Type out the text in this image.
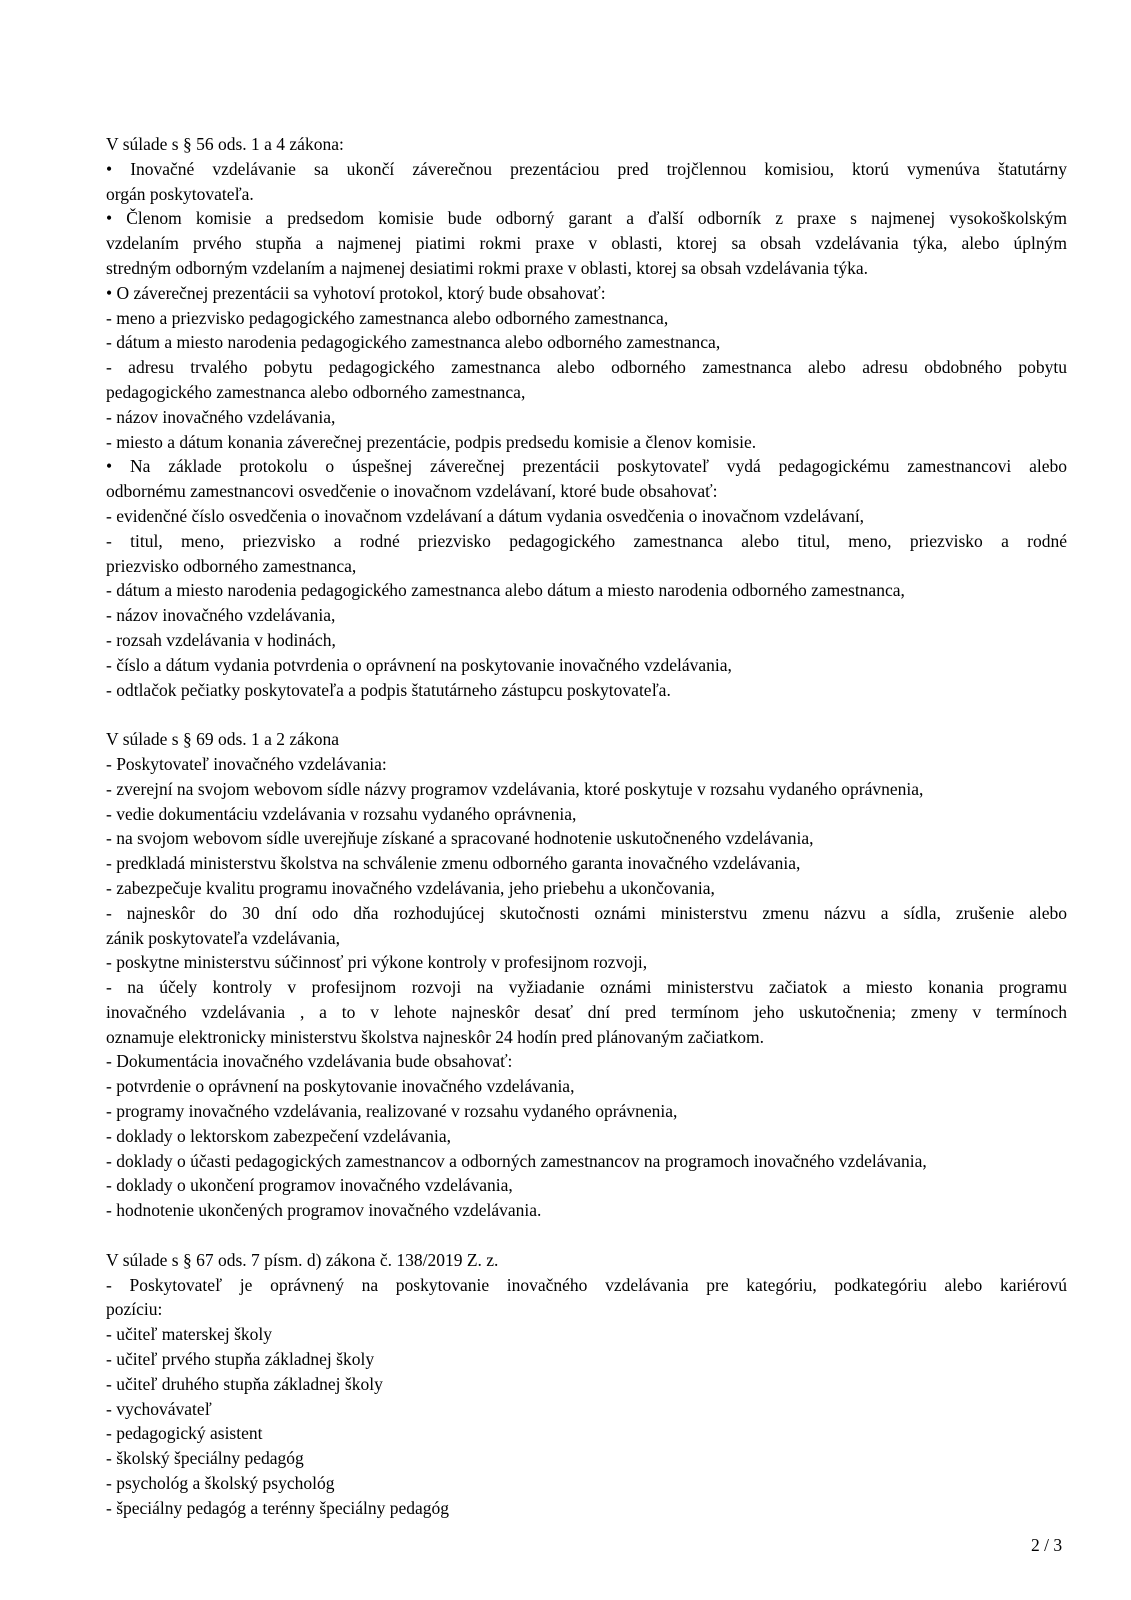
V súlade s § 56 ods. 1 a 4 zákona:
• Inovačné vzdelávanie sa ukončí záverečnou prezentáciou pred trojčlennou komisiou, ktorú vymenúva štatutárny
orgán poskytovateľa.
• Členom komisie a predsedom komisie bude odborný garant a ďalší odborník z praxe s najmenej vysokoškolským
vzdelaním prvého stupňa a najmenej piatimi rokmi praxe v oblasti, ktorej sa obsah vzdelávania týka, alebo úplným
stredným odborným vzdelaním a najmenej desiatimi rokmi praxe v oblasti, ktorej sa obsah vzdelávania týka.
• O záverečnej prezentácii sa vyhotoví protokol, ktorý bude obsahovať:
- meno a priezvisko pedagogického zamestnanca alebo odborného zamestnanca,
- dátum a miesto narodenia pedagogického zamestnanca alebo odborného zamestnanca,
- adresu trvalého pobytu pedagogického zamestnanca alebo odborného zamestnanca alebo adresu obdobného pobytu
pedagogického zamestnanca alebo odborného zamestnanca,
- názov inovačného vzdelávania,
- miesto a dátum konania záverečnej prezentácie, podpis predsedu komisie a členov komisie.
• Na základe protokolu o úspešnej záverečnej prezentácii poskytovateľ vydá pedagogickému zamestnancovi alebo
odbornému zamestnancovi osvedčenie o inovačnom vzdelávaní, ktoré bude obsahovať:
- evidenčné číslo osvedčenia o inovačnom vzdelávaní a dátum vydania osvedčenia o inovačnom vzdelávaní,
- titul, meno, priezvisko a rodné priezvisko pedagogického zamestnanca alebo titul, meno, priezvisko a rodné
priezvisko odborného zamestnanca,
- dátum a miesto narodenia pedagogického zamestnanca alebo dátum a miesto narodenia odborného zamestnanca,
- názov inovačného vzdelávania,
- rozsah vzdelávania v hodinách,
- číslo a dátum vydania potvrdenia o oprávnení na poskytovanie inovačného vzdelávania,
- odtlačok pečiatky poskytovateľa a podpis štatutárneho zástupcu poskytovateľa.
V súlade s § 69 ods. 1 a 2 zákona
- Poskytovateľ inovačného vzdelávania:
- zverejní na svojom webovom sídle názvy programov vzdelávania, ktoré poskytuje v rozsahu vydaného oprávnenia,
- vedie dokumentáciu vzdelávania v rozsahu vydaného oprávnenia,
- na svojom webovom sídle uverejňuje získané a spracované hodnotenie uskutočneného vzdelávania,
- predkladá ministerstvu školstva na schválenie zmenu odborného garanta inovačného vzdelávania,
- zabezpečuje kvalitu programu inovačného vzdelávania, jeho priebehu a ukončovania,
- najneskôr do 30 dní odo dňa rozhodujúcej skutočnosti oznámi ministerstvu zmenu názvu a sídla, zrušenie alebo
zánik poskytovateľa vzdelávania,
- poskytne ministerstvu súčinnosť pri výkone kontroly v profesijnom rozvoji,
- na účely kontroly v profesijnom rozvoji na vyžiadanie oznámi ministerstvu začiatok a miesto konania programu
inovačného vzdelávania , a to v lehote najneskôr desať dní pred termínom jeho uskutočnenia; zmeny v termínoch
oznamuje elektronicky ministerstvu školstva najneskôr 24 hodín pred plánovaným začiatkom.
- Dokumentácia inovačného vzdelávania bude obsahovať:
- potvrdenie o oprávnení na poskytovanie inovačného vzdelávania,
- programy inovačného vzdelávania, realizované v rozsahu vydaného oprávnenia,
- doklady o lektorskom zabezpečení vzdelávania,
- doklady o účasti pedagogických zamestnancov a odborných zamestnancov na programoch inovačného vzdelávania,
- doklady o ukončení programov inovačného vzdelávania,
- hodnotenie ukončených programov inovačného vzdelávania.
V súlade s § 67 ods. 7 písm. d) zákona č. 138/2019 Z. z.
- Poskytovateľ je oprávnený na poskytovanie inovačného vzdelávania pre kategóriu, podkategóriu alebo kariérovú
pozíciu:
- učiteľ materskej školy
- učiteľ prvého stupňa základnej školy
- učiteľ druhého stupňa základnej školy
- vychovávateľ
- pedagogický asistent
- školský špeciálny pedagóg
- psychológ a školský psychológ
- špeciálny pedagóg a terénny špeciálny pedagóg
2 / 3
